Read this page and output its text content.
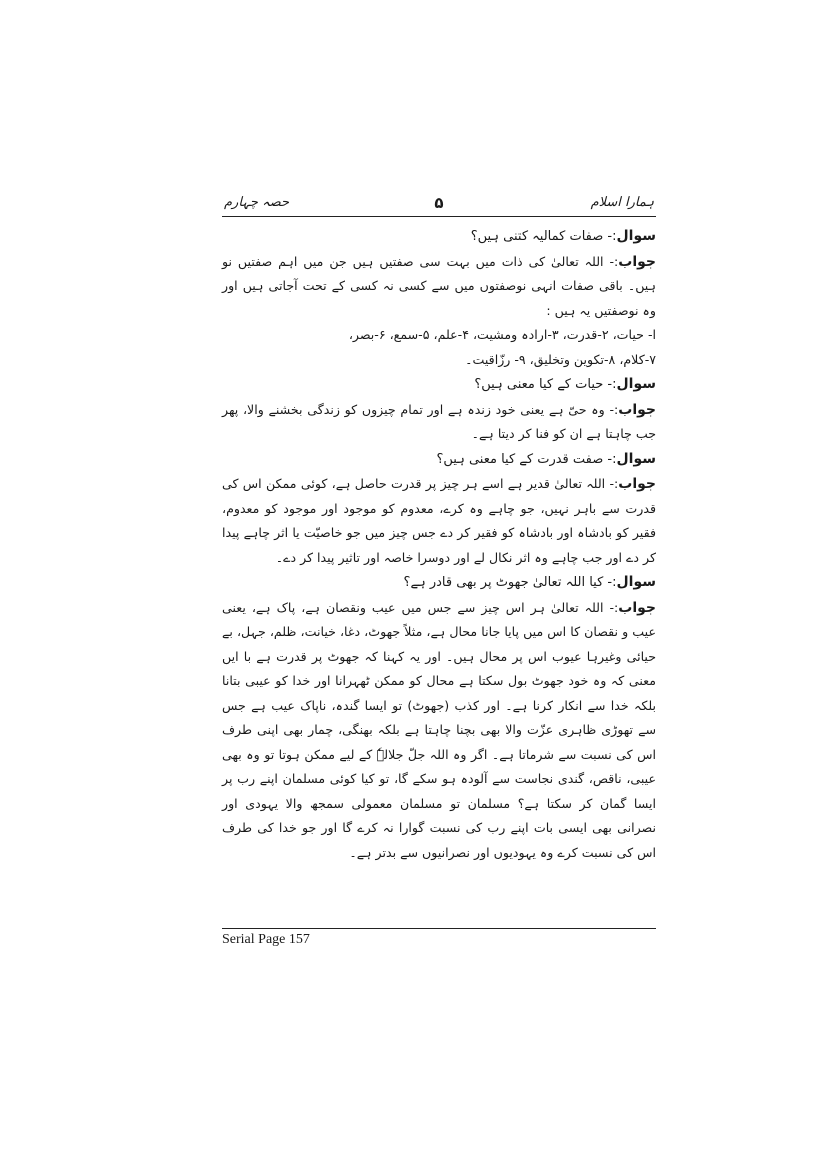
حصہ چہارم	۵	ہمارا اسلام

سوال:- صفات کمالیہ کتنی ہیں؟

جواب:- اللہ تعالیٰ کی ذات میں بہت سی صفتیں ہیں جن میں اہم صفتیں نو ہیں۔ باقی صفات انہی نوصفتوں میں سے کسی نہ کسی کے تحت آجاتی ہیں اور وہ نوصفتیں یہ ہیں :

ا- حیات، ۲-قدرت، ۳-ارادہ ومشیت، ۴-علم، ۵-سمع، ۶-بصر،

۷-کلام، ۸-تکوین وتخلیق، ۹- رزّاقیت۔

سوال:- حیات کے کیا معنی ہیں؟

جواب:- وہ حیّ ہے یعنی خود زندہ ہے اور تمام چیزوں کو زندگی بخشنے والا، پھر جب چاہتا ہے ان کو فنا کر دیتا ہے۔

سوال:- صفت قدرت کے کیا معنی ہیں؟

جواب:- اللہ تعالیٰ قدیر ہے اسے ہر چیز پر قدرت حاصل ہے، کوئی ممکن اس کی قدرت سے باہر نہیں، جو چاہے وہ کرے، معدوم کو موجود اور موجود کو معدوم، فقیر کو بادشاہ اور بادشاہ کو فقیر کر دے جس چیز میں جو خاصیّت یا اثر چاہے پیدا کر دے اور جب چاہے وہ اثر نکال لے اور دوسرا خاصہ اور تاثیر پیدا کر دے۔

سوال:- کیا اللہ تعالیٰ جھوٹ پر بھی قادر ہے؟

جواب:- اللہ تعالیٰ ہر اس چیز سے جس میں عیب ونقصان ہے، پاک ہے، یعنی عیب و نقصان کا اس میں پایا جانا محال ہے، مثلاً جھوٹ، دغا، خیانت، ظلم، جہل، بے حیائی وغیرہا عیوب اس پر محال ہیں۔ اور یہ کہنا کہ جھوٹ پر قدرت ہے با ایں معنی کہ وہ خود جھوٹ بول سکتا ہے محال کو ممکن ٹھہرانا اور خدا کو عیبی بتانا بلکہ خدا سے انکار کرنا ہے۔ اور کذب (جھوٹ) تو ایسا گندہ، ناپاک عیب ہے جس سے تھوڑی ظاہری عزّت والا بھی بچنا چاہتا ہے بلکہ بھنگی، چمار بھی اپنی طرف اس کی نسبت سے شرماتا ہے۔ اگر وہ اللہ جلّ جلالہٗ کے لیے ممکن ہوتا تو وہ بھی عیبی، ناقص، گندی نجاست سے آلودہ ہو سکے گا، تو کیا کوئی مسلمان اپنے رب پر ایسا گمان کر سکتا ہے؟ مسلمان تو مسلمان معمولی سمجھ والا یہودی اور نصرانی بھی ایسی بات اپنے رب کی نسبت گوارا نہ کرے گا اور جو خدا کی طرف اس کی نسبت کرے وہ یہودیوں اور نصرانیوں سے بدتر ہے۔

Serial Page 157
